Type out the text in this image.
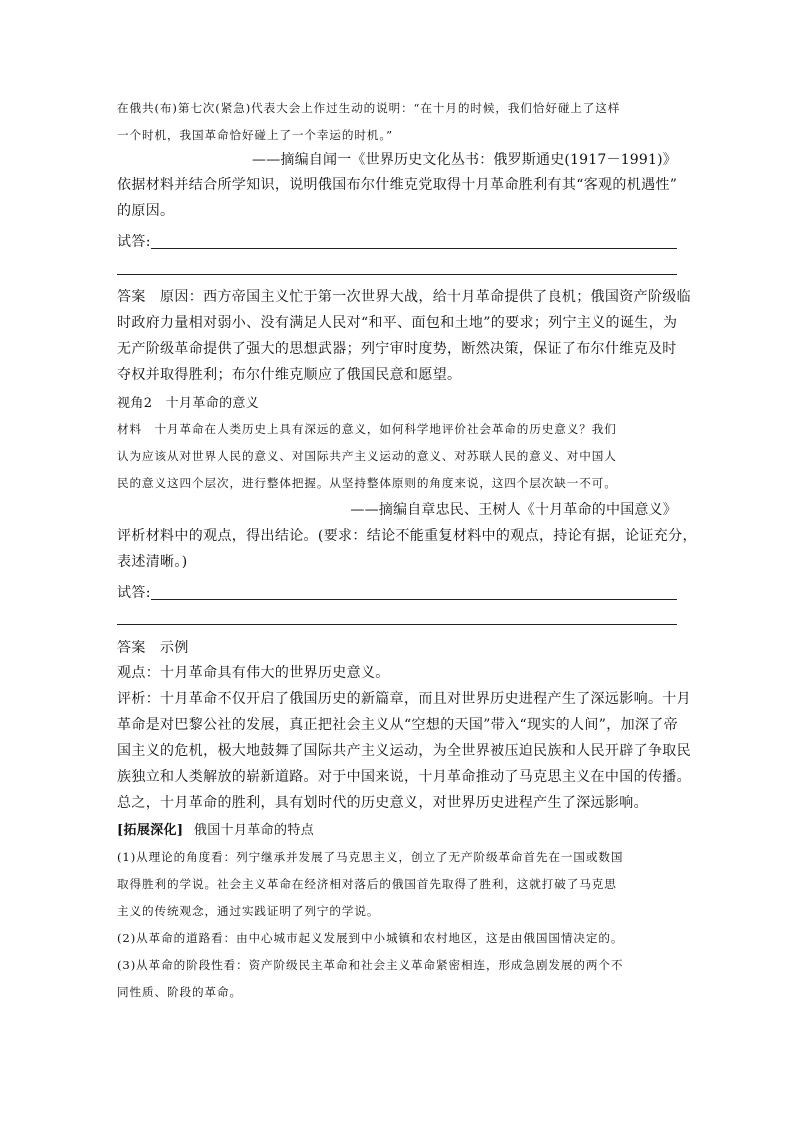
在俄共(布)第七次(紧急)代表大会上作过生动的说明：“在十月的时候，我们恰好碰上了这样
一个时机，我国革命恰好碰上了一个幸运的时机。”
——摘编自闻一《世界历史文化丛书：俄罗斯通史(1917－1991)》
依据材料并结合所学知识，说明俄国布尔什维克党取得十月革命胜利有其“客观的机遇性”
的原因。
试答:
答案　原因：西方帝国主义忙于第一次世界大战，给十月革命提供了良机；俄国资产阶级临
时政府力量相对弱小、没有满足人民对“和平、面包和土地”的要求；列宁主义的诞生，为
无产阶级革命提供了强大的思想武器；列宁审时度势，断然决策，保证了布尔什维克及时
夺权并取得胜利；布尔什维克顺应了俄国民意和愿望。
视角2　十月革命的意义
材料　十月革命在人类历史上具有深远的意义，如何科学地评价社会革命的历史意义？我们
认为应该从对世界人民的意义、对国际共产主义运动的意义、对苏联人民的意义、对中国人
民的意义这四个层次，进行整体把握。从坚持整体原则的角度来说，这四个层次缺一不可。
——摘编自章忠民、王树人《十月革命的中国意义》
评析材料中的观点，得出结论。(要求：结论不能重复材料中的观点，持论有据，论证充分，
表述清晰。)
试答:
答案　示例
观点：十月革命具有伟大的世界历史意义。
评析：十月革命不仅开启了俄国历史的新篇章，而且对世界历史进程产生了深远影响。十月
革命是对巴黎公社的发展，真正把社会主义从“空想的天国”带入“现实的人间”，加深了帝
国主义的危机，极大地鼓舞了国际共产主义运动，为全世界被压迫民族和人民开辟了争取民
族独立和人类解放的崭新道路。对于中国来说，十月革命推动了马克思主义在中国的传播。
总之，十月革命的胜利，具有划时代的历史意义，对世界历史进程产生了深远影响。
[拓展深化] 俄国十月革命的特点
(1)从理论的角度看：列宁继承并发展了马克思主义，创立了无产阶级革命首先在一国或数国
取得胜利的学说。社会主义革命在经济相对落后的俄国首先取得了胜利，这就打破了马克思
主义的传统观念，通过实践证明了列宁的学说。
(2)从革命的道路看：由中心城市起义发展到中小城镇和农村地区，这是由俄国国情决定的。
(3)从革命的阶段性看：资产阶级民主革命和社会主义革命紧密相连，形成急剧发展的两个不
同性质、阶段的革命。
